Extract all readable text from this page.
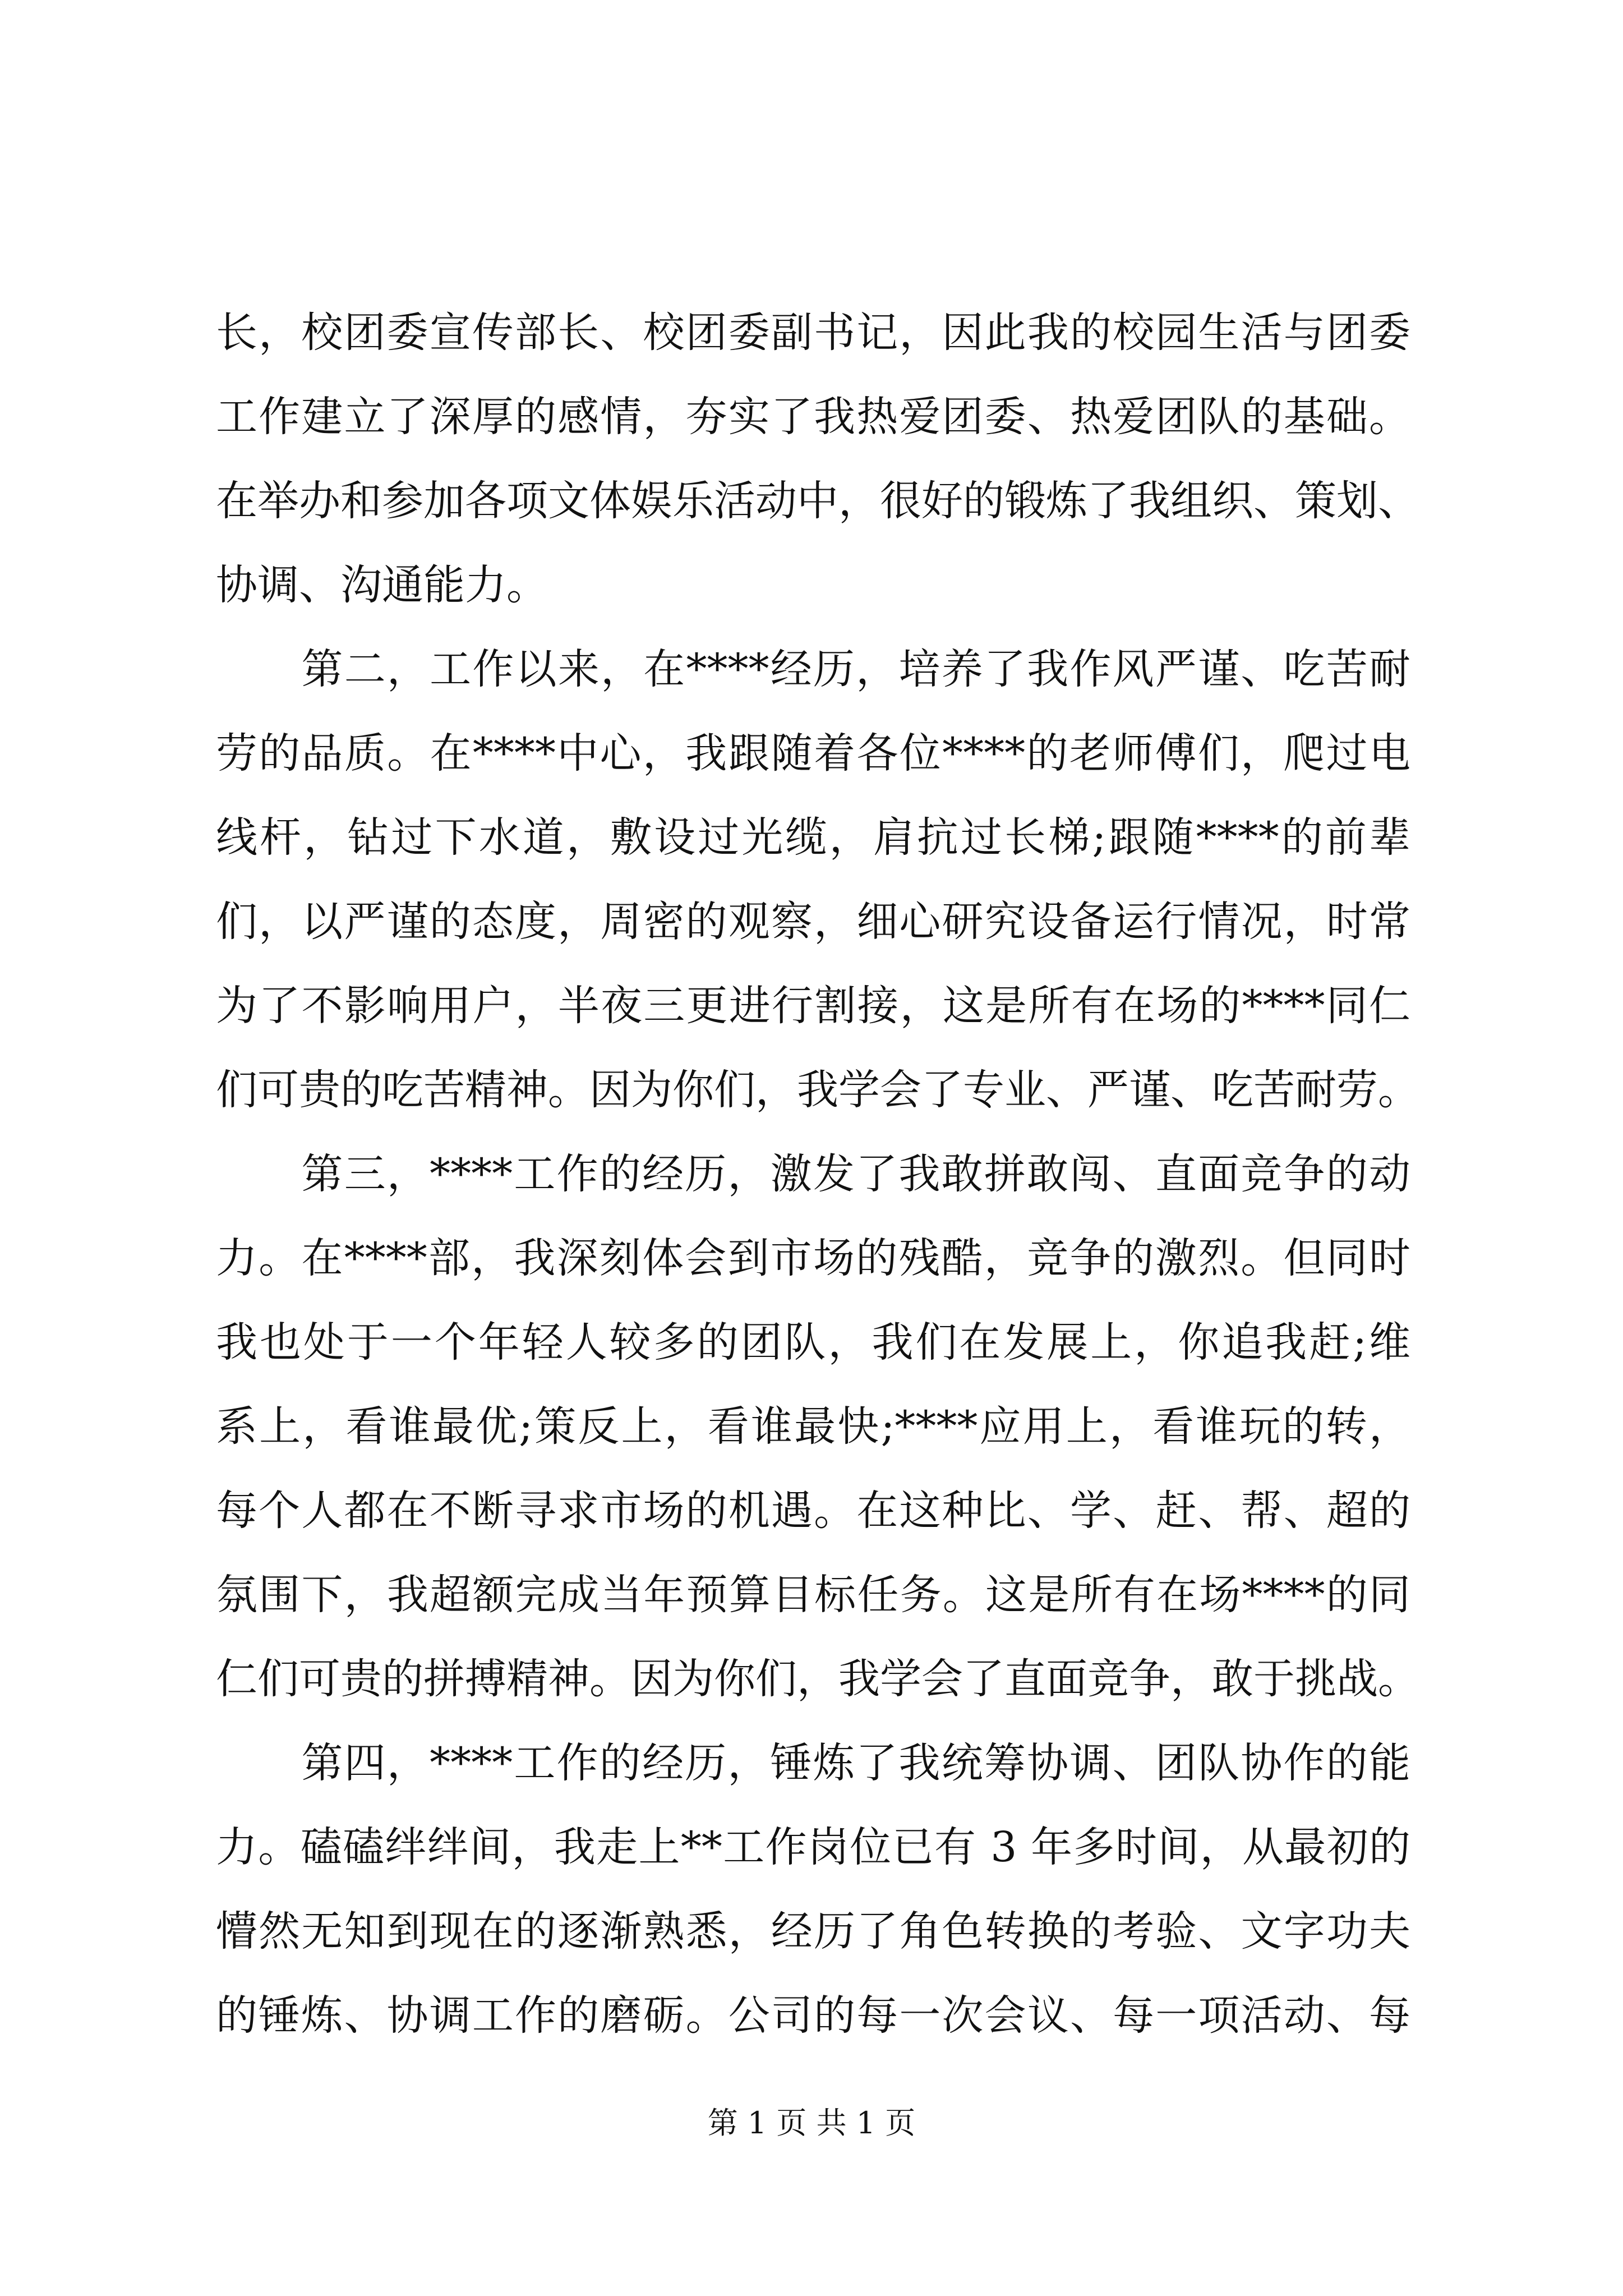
长，校团委宣传部长、校团委副书记，因此我的校园生活与团委
工作建立了深厚的感情，夯实了我热爱团委、热爱团队的基础。
在举办和参加各项文体娱乐活动中，很好的锻炼了我组织、策划、
协调、沟通能力。
　　第二，工作以来，在****经历，培养了我作风严谨、吃苦耐
劳的品质。在****中心，我跟随着各位****的老师傅们，爬过电
线杆，钻过下水道，敷设过光缆，肩抗过长梯;跟随****的前辈
们，以严谨的态度，周密的观察，细心研究设备运行情况，时常
为了不影响用户，半夜三更进行割接，这是所有在场的****同仁
们可贵的吃苦精神。因为你们，我学会了专业、严谨、吃苦耐劳。
　　第三，****工作的经历，激发了我敢拼敢闯、直面竞争的动
力。在****部，我深刻体会到市场的残酷，竞争的激烈。但同时
我也处于一个年轻人较多的团队，我们在发展上，你追我赶;维
系上，看谁最优;策反上，看谁最快;****应用上，看谁玩的转，
每个人都在不断寻求市场的机遇。在这种比、学、赶、帮、超的
氛围下，我超额完成当年预算目标任务。这是所有在场****的同
仁们可贵的拼搏精神。因为你们，我学会了直面竞争，敢于挑战。
　　第四，****工作的经历，锤炼了我统筹协调、团队协作的能
力。磕磕绊绊间，我走上**工作岗位已有 3 年多时间，从最初的
懵然无知到现在的逐渐熟悉，经历了角色转换的考验、文字功夫
的锤炼、协调工作的磨砺。公司的每一次会议、每一项活动、每
第 1 页 共 1 页
